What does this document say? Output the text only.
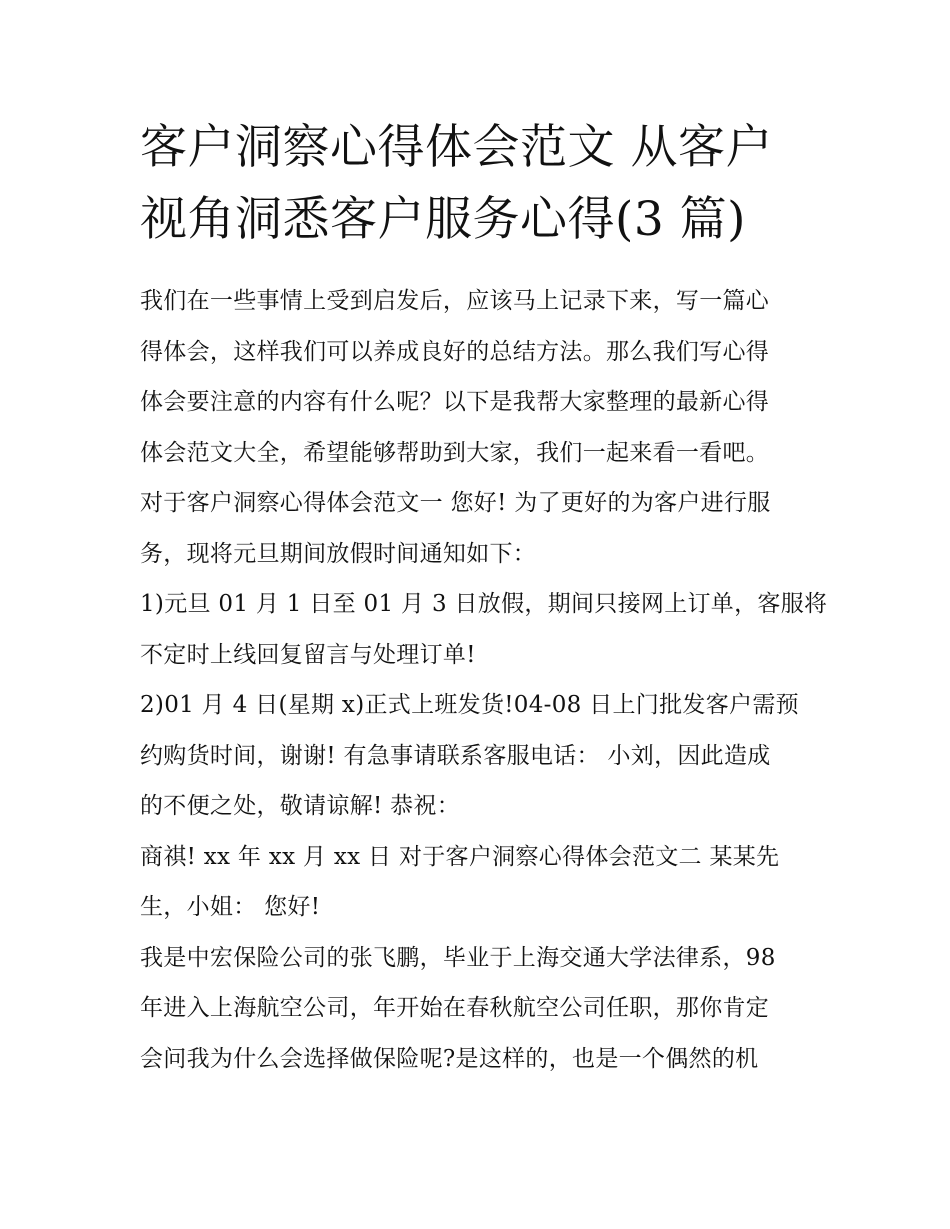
客户洞察心得体会范文 从客户
视角洞悉客户服务心得(3 篇)

我们在一些事情上受到启发后，应该马上记录下来，写一篇心
得体会，这样我们可以养成良好的总结方法。那么我们写心得
体会要注意的内容有什么呢？以下是我帮大家整理的最新心得
体会范文大全，希望能够帮助到大家，我们一起来看一看吧。

对于客户洞察心得体会范文一 您好! 为了更好的为客户进行服
务，现将元旦期间放假时间通知如下：

1)元旦 01 月 1 日至 01 月 3 日放假，期间只接网上订单，客服将
不定时上线回复留言与处理订单!

2)01 月 4 日(星期 x)正式上班发货!04-08 日上门批发客户需预
约购货时间，谢谢! 有急事请联系客服电话： 小刘，因此造成
的不便之处，敬请谅解! 恭祝：

商祺! xx 年 xx 月 xx 日 对于客户洞察心得体会范文二 某某先
生，小姐： 您好!

我是中宏保险公司的张飞鹏，毕业于上海交通大学法律系，98
年进入上海航空公司，年开始在春秋航空公司任职，那你肯定
会问我为什么会选择做保险呢?是这样的，也是一个偶然的机
